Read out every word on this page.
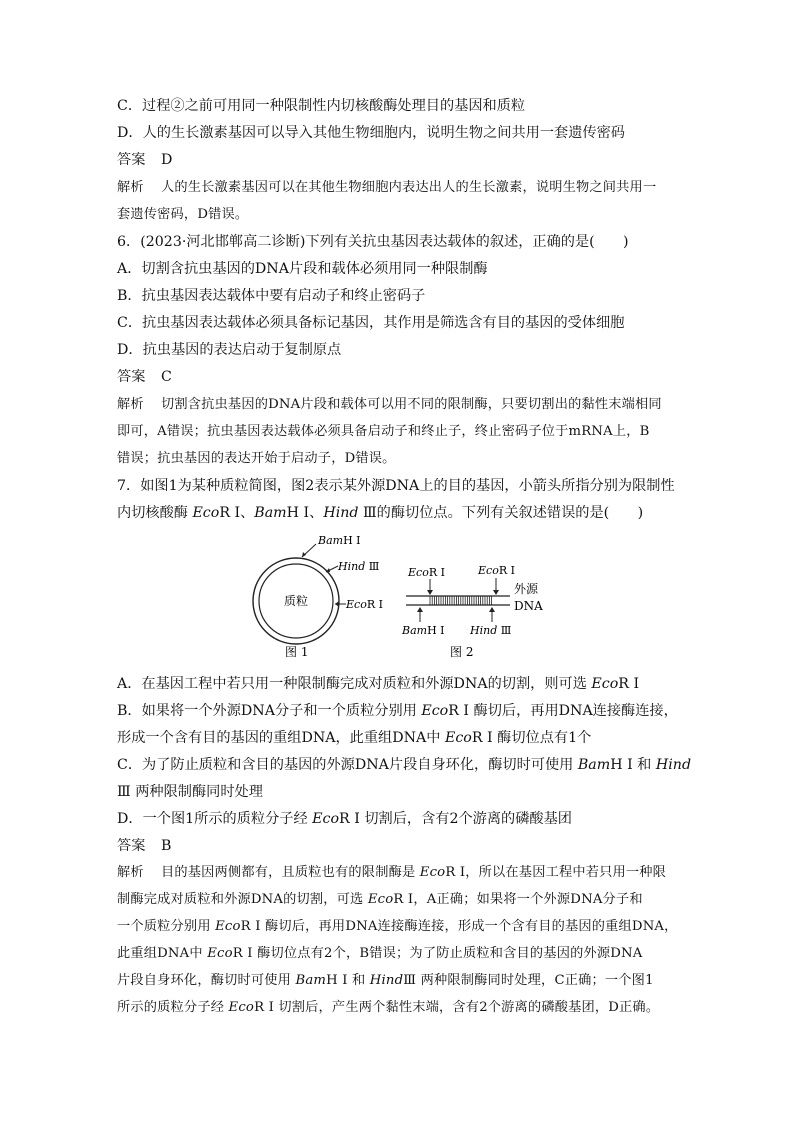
C．过程②之前可用同一种限制性内切核酸酶处理目的基因和质粒
D．人的生长激素基因可以导入其他生物细胞内，说明生物之间共用一套遗传密码
答案 D
解析 人的生长激素基因可以在其他生物细胞内表达出人的生长激素，说明生物之间共用一
套遗传密码，D错误。
6．(2023·河北邯郸高二诊断)下列有关抗虫基因表达载体的叙述，正确的是(　　)
A．切割含抗虫基因的DNA片段和载体必须用同一种限制酶
B．抗虫基因表达载体中要有启动子和终止密码子
C．抗虫基因表达载体必须具备标记基因，其作用是筛选含有目的基因的受体细胞
D．抗虫基因的表达启动于复制原点
答案 C
解析 切割含抗虫基因的DNA片段和载体可以用不同的限制酶，只要切割出的黏性末端相同
即可，A错误；抗虫基因表达载体必须具备启动子和终止子，终止密码子位于mRNA上，B
错误；抗虫基因的表达开始于启动子，D错误。
7．如图1为某种质粒简图，图2表示某外源DNA上的目的基因，小箭头所指分别为限制性
内切核酸酶 EcoR Ⅰ、BamH Ⅰ、Hind Ⅲ的酶切位点。下列有关叙述错误的是(　　)
质粒
BamH Ⅰ
Hind Ⅲ
EcoR Ⅰ
图 1
EcoR Ⅰ	EcoR Ⅰ
BamH Ⅰ Hind Ⅲ
外源
DNA
图 2
A．在基因工程中若只用一种限制酶完成对质粒和外源DNA的切割，则可选 EcoR Ⅰ
B．如果将一个外源DNA分子和一个质粒分别用 EcoR Ⅰ 酶切后，再用DNA连接酶连接，
形成一个含有目的基因的重组DNA，此重组DNA中 EcoR Ⅰ 酶切位点有1个
C．为了防止质粒和含目的基因的外源DNA片段自身环化，酶切时可使用 BamH Ⅰ 和 Hind
Ⅲ 两种限制酶同时处理
D．一个图1所示的质粒分子经 EcoR Ⅰ 切割后，含有2个游离的磷酸基团
答案 B
解析 目的基因两侧都有，且质粒也有的限制酶是 EcoR Ⅰ，所以在基因工程中若只用一种限
制酶完成对质粒和外源DNA的切割，可选 EcoR Ⅰ，A正确；如果将一个外源DNA分子和
一个质粒分别用 EcoR Ⅰ 酶切后，再用DNA连接酶连接，形成一个含有目的基因的重组DNA，
此重组DNA中 EcoR Ⅰ 酶切位点有2个，B错误；为了防止质粒和含目的基因的外源DNA
片段自身环化，酶切时可使用 BamH Ⅰ 和 HindⅢ 两种限制酶同时处理，C正确；一个图1
所示的质粒分子经 EcoR Ⅰ 切割后，产生两个黏性末端，含有2个游离的磷酸基团，D正确。
